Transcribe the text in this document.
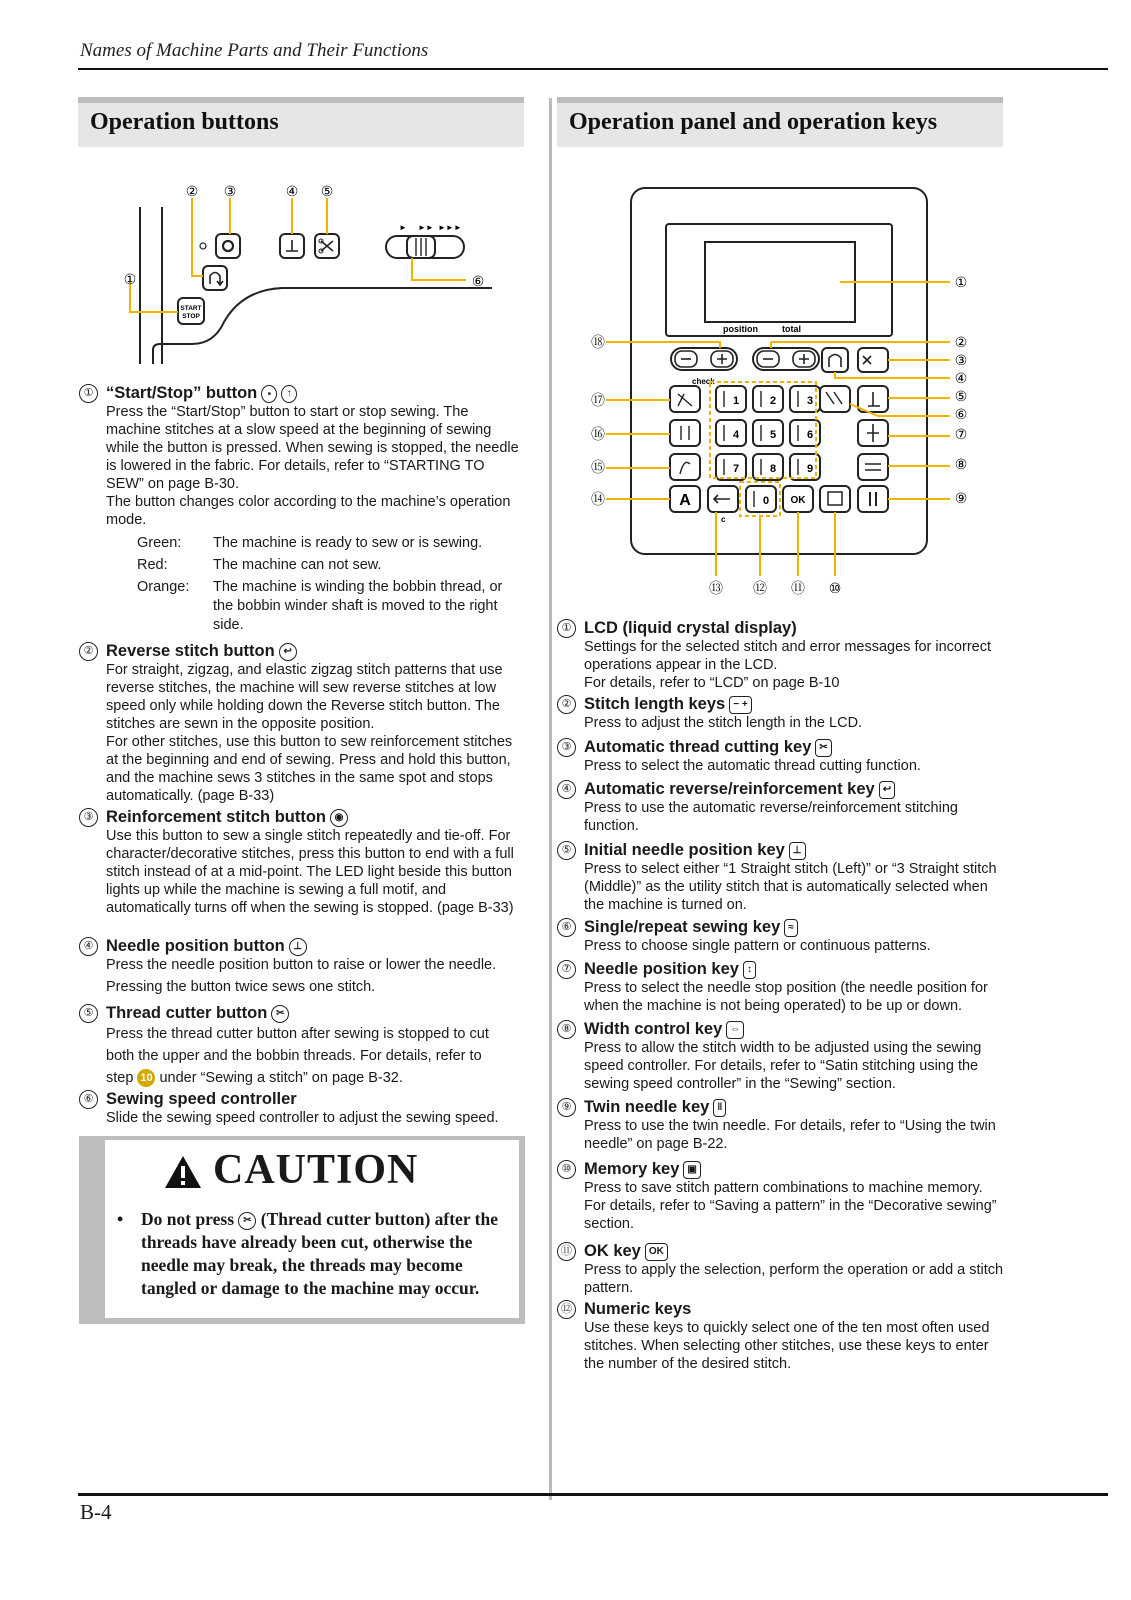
Names of Machine Parts and Their Functions
Operation buttons
START
STOP
► ►► ►►►
①
② ③	④ ⑤
⑥
① “Start/Stop” button ■ ↑

Press the “Start/Stop” button to start or stop sewing. The machine stitches at a slow speed at the beginning of sewing while the button is pressed. When sewing is stopped, the needle is lowered in the fabric. For details, refer to “STARTING TO SEW” on page B-30.
The button changes color according to the machine’s operation mode.

Green: The machine is ready to sew or is sewing.
Red:	The machine can not sew.
Orange: The machine is winding the bobbin thread, or the bobbin winder shaft is moved to the right side.
② Reverse stitch button ↩

For straight, zigzag, and elastic zigzag stitch patterns that use reverse stitches, the machine will sew reverse stitches at low speed only while holding down the Reverse stitch button. The stitches are sewn in the opposite position.
For other stitches, use this button to sew reinforcement stitches at the beginning and end of sewing. Press and hold this button, and the machine sews 3 stitches in the same spot and stops automatically. (page B-33)

③ Reinforcement stitch button ◉

Use this button to sew a single stitch repeatedly and tie-off. For character/decorative stitches, press this button to end with a full stitch instead of at a mid-point. The LED light beside this button lights up while the machine is sewing a full motif, and automatically turns off when the sewing is stopped. (page B-33)

④ Needle position button ⊥

Press the needle position button to raise or lower the needle.

Pressing the button twice sews one stitch.

⑤ Thread cutter button ✂

Press the thread cutter button after sewing is stopped to cut

both the upper and the bobbin threads. For details, refer to

step 10 under “Sewing a stitch” on page B-32.

⑥ Sewing speed controller

Slide the sewing speed controller to adjust the sewing speed.

CAUTION
• Do not press ✂ (Thread cutter button) after the threads have already been cut, otherwise the needle may break, the threads may become tangled or damage to the machine may occur.
Operation panel and operation keys
position	total
check
c
1	2	3
4	5	6
7	8	9
0
A	OK
①
②
③
④
⑤
⑥
⑦
⑧
⑨
⑱
⑰
⑯
⑮
⑭
⑬ ⑫ ⑪ ⑩
① LCD (liquid crystal display)

Settings for the selected stitch and error messages for incorrect operations appear in the LCD.
For details, refer to “LCD” on page B-10

② Stitch length keys − +

Press to adjust the stitch length in the LCD.

③ Automatic thread cutting key ✂

Press to select the automatic thread cutting function.

④ Automatic reverse/reinforcement key ↩

Press to use the automatic reverse/reinforcement stitching function.

⑤ Initial needle position key ⊥

Press to select either “1 Straight stitch (Left)” or “3 Straight stitch (Middle)” as the utility stitch that is automatically selected when the machine is turned on.

⑥ Single/repeat sewing key ≈

Press to choose single pattern or continuous patterns.

⑦ Needle position key ↕

Press to select the needle stop position (the needle position for when the machine is not being operated) to be up or down.

⑧ Width control key ⇔

Press to allow the stitch width to be adjusted using the sewing speed controller. For details, refer to “Satin stitching using the sewing speed controller” in the “Sewing” section.

⑨ Twin needle key ‖

Press to use the twin needle. For details, refer to “Using the twin needle” on page B-22.

⑩ Memory key ▣

Press to save stitch pattern combinations to machine memory. For details, refer to “Saving a pattern” in the “Decorative sewing” section.

⑪ OK key OK

Press to apply the selection, perform the operation or add a stitch pattern.

⑫ Numeric keys

Use these keys to quickly select one of the ten most often used stitches. When selecting other stitches, use these keys to enter the number of the desired stitch.

B-4
